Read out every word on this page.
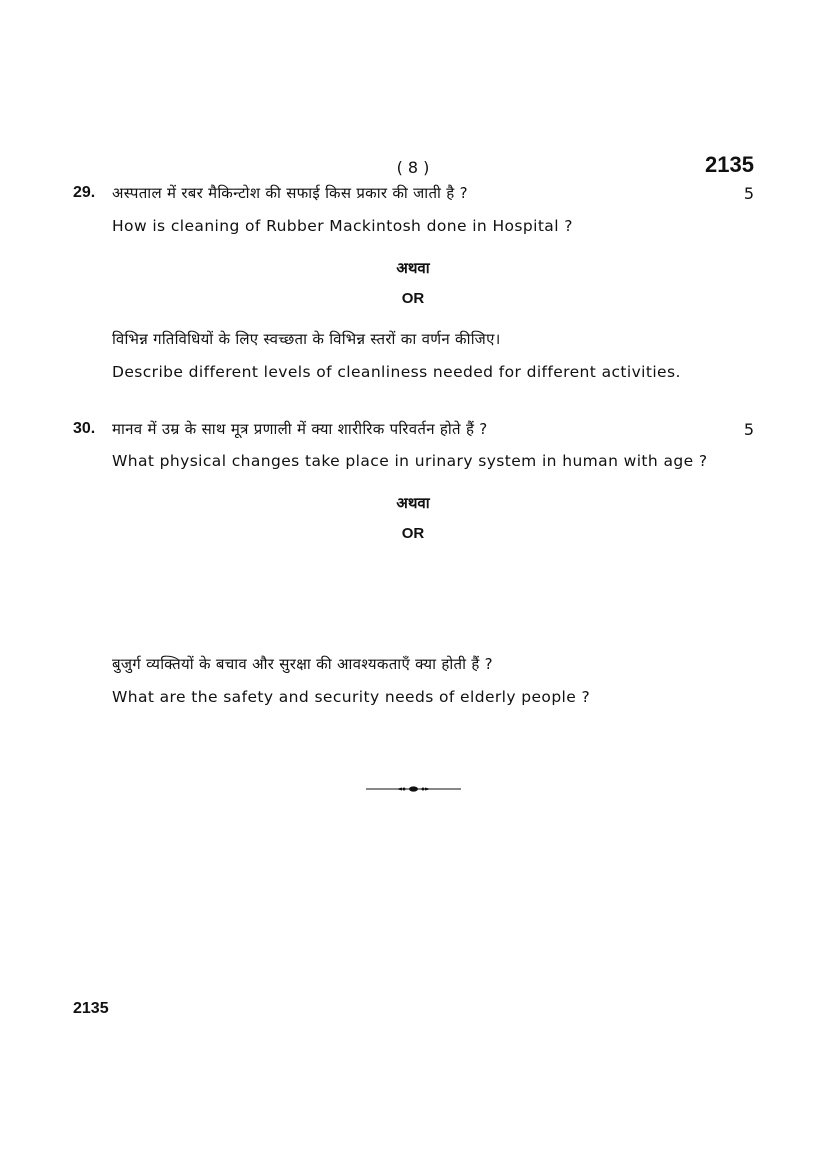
( 8 )	2135
29. अस्पताल में रबर मैकिन्टोश की सफाई किस प्रकार की जाती है ?	5
How is cleaning of Rubber Mackintosh done in Hospital ?
अथवा
OR
विभिन्न गतिविधियों के लिए स्वच्छता के विभिन्न स्तरों का वर्णन कीजिए।
Describe different levels of cleanliness needed for different activities.
30. मानव में उम्र के साथ मूत्र प्रणाली में क्या शारीरिक परिवर्तन होते हैं ?	5
What physical changes take place in urinary system in human with age ?
अथवा
OR
बुजुर्ग व्यक्तियों के बचाव और सुरक्षा की आवश्यकताएँ क्या होती हैं ?
What are the safety and security needs of elderly people ?
2135
